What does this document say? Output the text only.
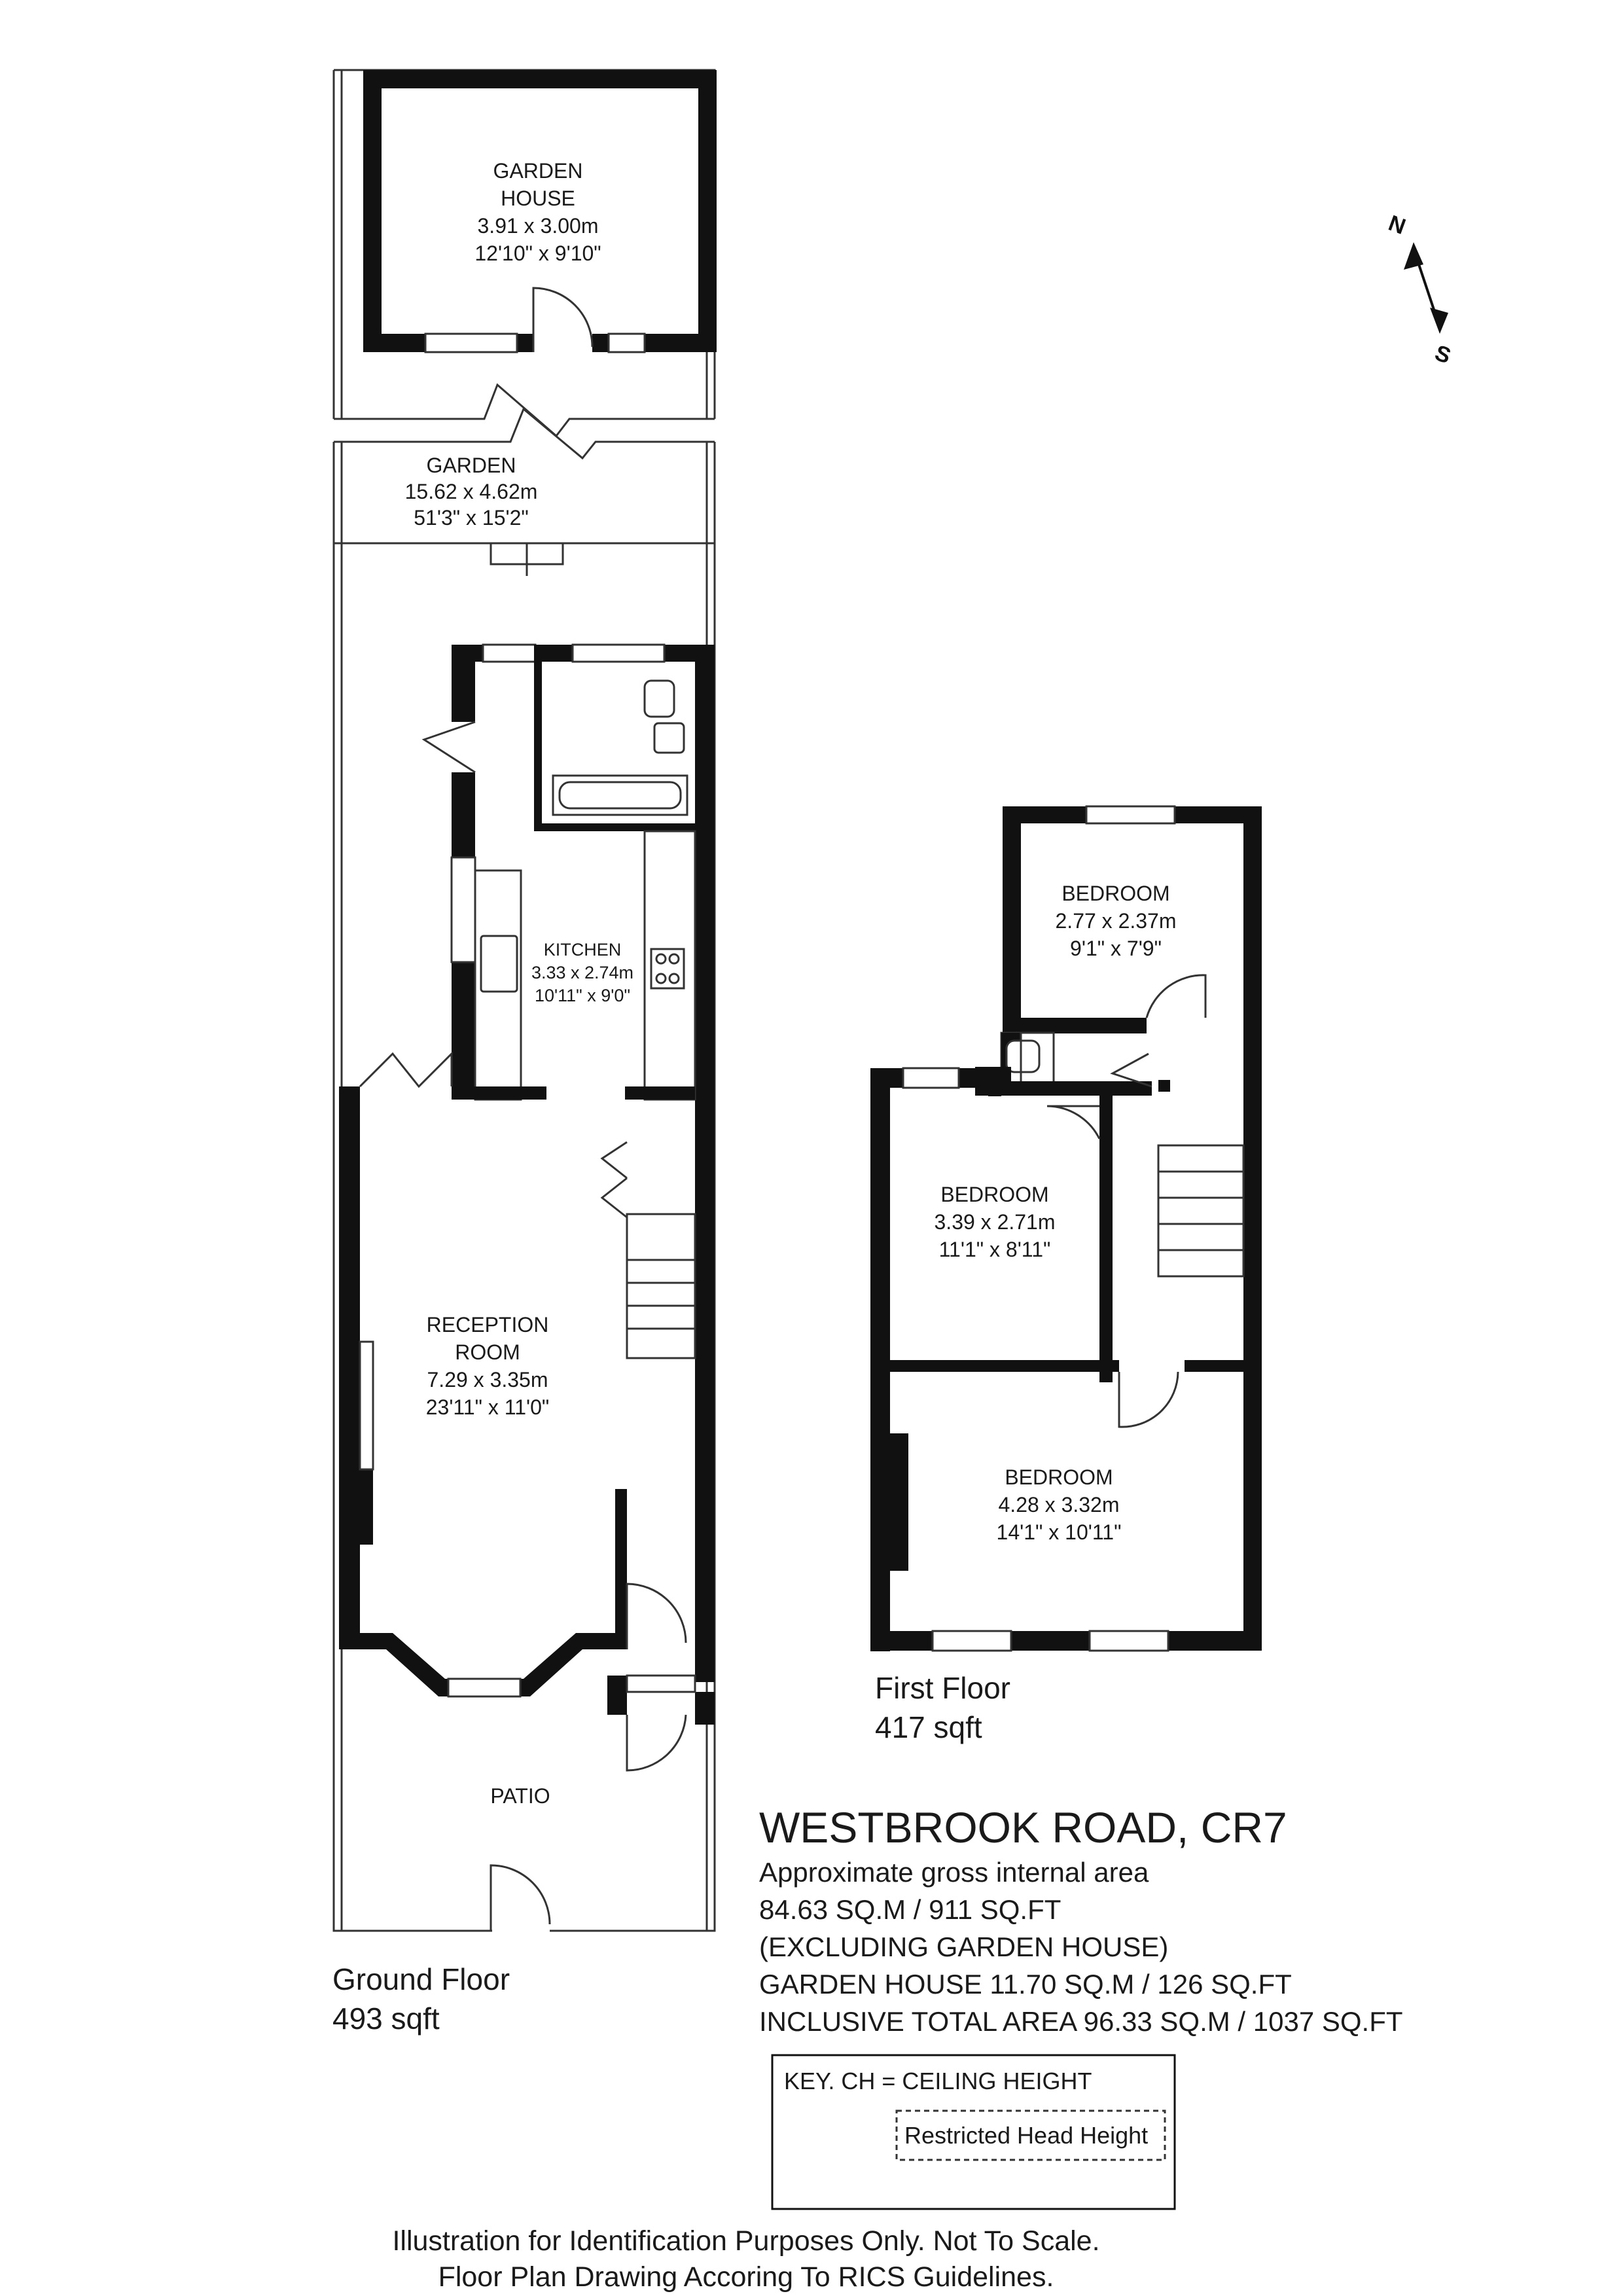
GARDEN
HOUSE
3.91 x 3.00m
12'10" x 9'10"
GARDEN
15.62 x 4.62m
51'3" x 15'2"
KITCHEN
3.33 x 2.74m
10'11" x 9'0"
RECEPTION
ROOM
7.29 x 3.35m
23'11" x 11'0"
PATIO
BEDROOM
2.77 x 2.37m
9'1" x 7'9"
BEDROOM
3.39 x 2.71m
11'1" x 8'11"
BEDROOM
4.28 x 3.32m
14'1" x 10'11"
First Floor
417 sqft
Ground Floor
493 sqft
N
S
WESTBROOK ROAD, CR7
Approximate gross internal area
84.63 SQ.M / 911 SQ.FT
(EXCLUDING GARDEN HOUSE)
GARDEN HOUSE 11.70 SQ.M / 126 SQ.FT
INCLUSIVE TOTAL AREA 96.33 SQ.M / 1037 SQ.FT
KEY. CH = CEILING HEIGHT
Restricted Head Height
Illustration for Identification Purposes Only. Not To Scale.
Floor Plan Drawing Accoring To RICS Guidelines.
